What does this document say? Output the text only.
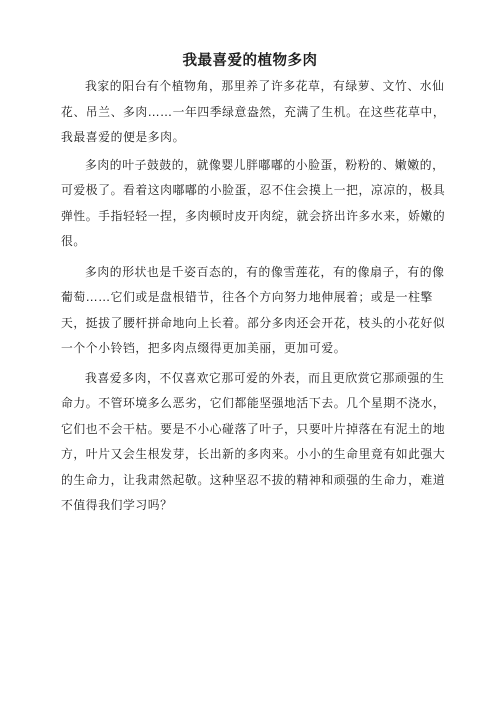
我最喜爱的植物多肉

我家的阳台有个植物角，那里养了许多花草，有绿萝、文竹、水仙
花、吊兰、多肉……一年四季绿意盎然，充满了生机。在这些花草中，
我最喜爱的便是多肉。

多肉的叶子鼓鼓的，就像婴儿胖嘟嘟的小脸蛋，粉粉的、嫩嫩的，
可爱极了。看着这肉嘟嘟的小脸蛋，忍不住会摸上一把，凉凉的，极具
弹性。手指轻轻一捏，多肉顿时皮开肉绽，就会挤出许多水来，娇嫩的
很。

多肉的形状也是千姿百态的，有的像雪莲花，有的像扇子，有的像
葡萄……它们或是盘根错节，往各个方向努力地伸展着；或是一柱擎
天，挺拔了腰杆拼命地向上长着。部分多肉还会开花，枝头的小花好似
一个个小铃铛，把多肉点缀得更加美丽，更加可爱。

我喜爱多肉，不仅喜欢它那可爱的外表，而且更欣赏它那顽强的生
命力。不管环境多么恶劣，它们都能坚强地活下去。几个星期不浇水，
它们也不会干枯。要是不小心碰落了叶子，只要叶片掉落在有泥土的地
方，叶片又会生根发芽，长出新的多肉来。小小的生命里竟有如此强大
的生命力，让我肃然起敬。这种坚忍不拔的精神和顽强的生命力，难道
不值得我们学习吗？
